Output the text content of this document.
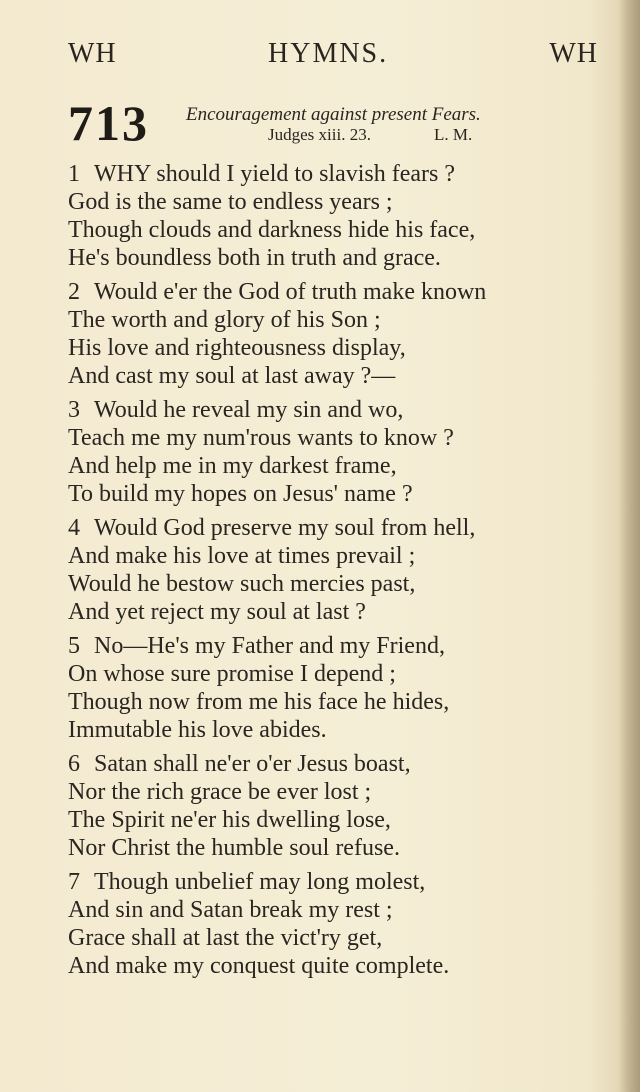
WH	HYMNS.	WH
713 Encouragement against present Fears.
Judges xiii. 23.	L. M.
1 WHY should I yield to slavish fears ?
God is the same to endless years ;
Though clouds and darkness hide his face,
He's boundless both in truth and grace.
2 Would e'er the God of truth make known
The worth and glory of his Son ;
His love and righteousness display,
And cast my soul at last away ?—
3 Would he reveal my sin and wo,
Teach me my num'rous wants to know ?
And help me in my darkest frame,
To build my hopes on Jesus' name ?
4 Would God preserve my soul from hell,
And make his love at times prevail ;
Would he bestow such mercies past,
And yet reject my soul at last ?
5 No—He's my Father and my Friend,
On whose sure promise I depend ;
Though now from me his face he hides,
Immutable his love abides.
6 Satan shall ne'er o'er Jesus boast,
Nor the rich grace be ever lost ;
The Spirit ne'er his dwelling lose,
Nor Christ the humble soul refuse.
7 Though unbelief may long molest,
And sin and Satan break my rest ;
Grace shall at last the vict'ry get,
And make my conquest quite complete.
